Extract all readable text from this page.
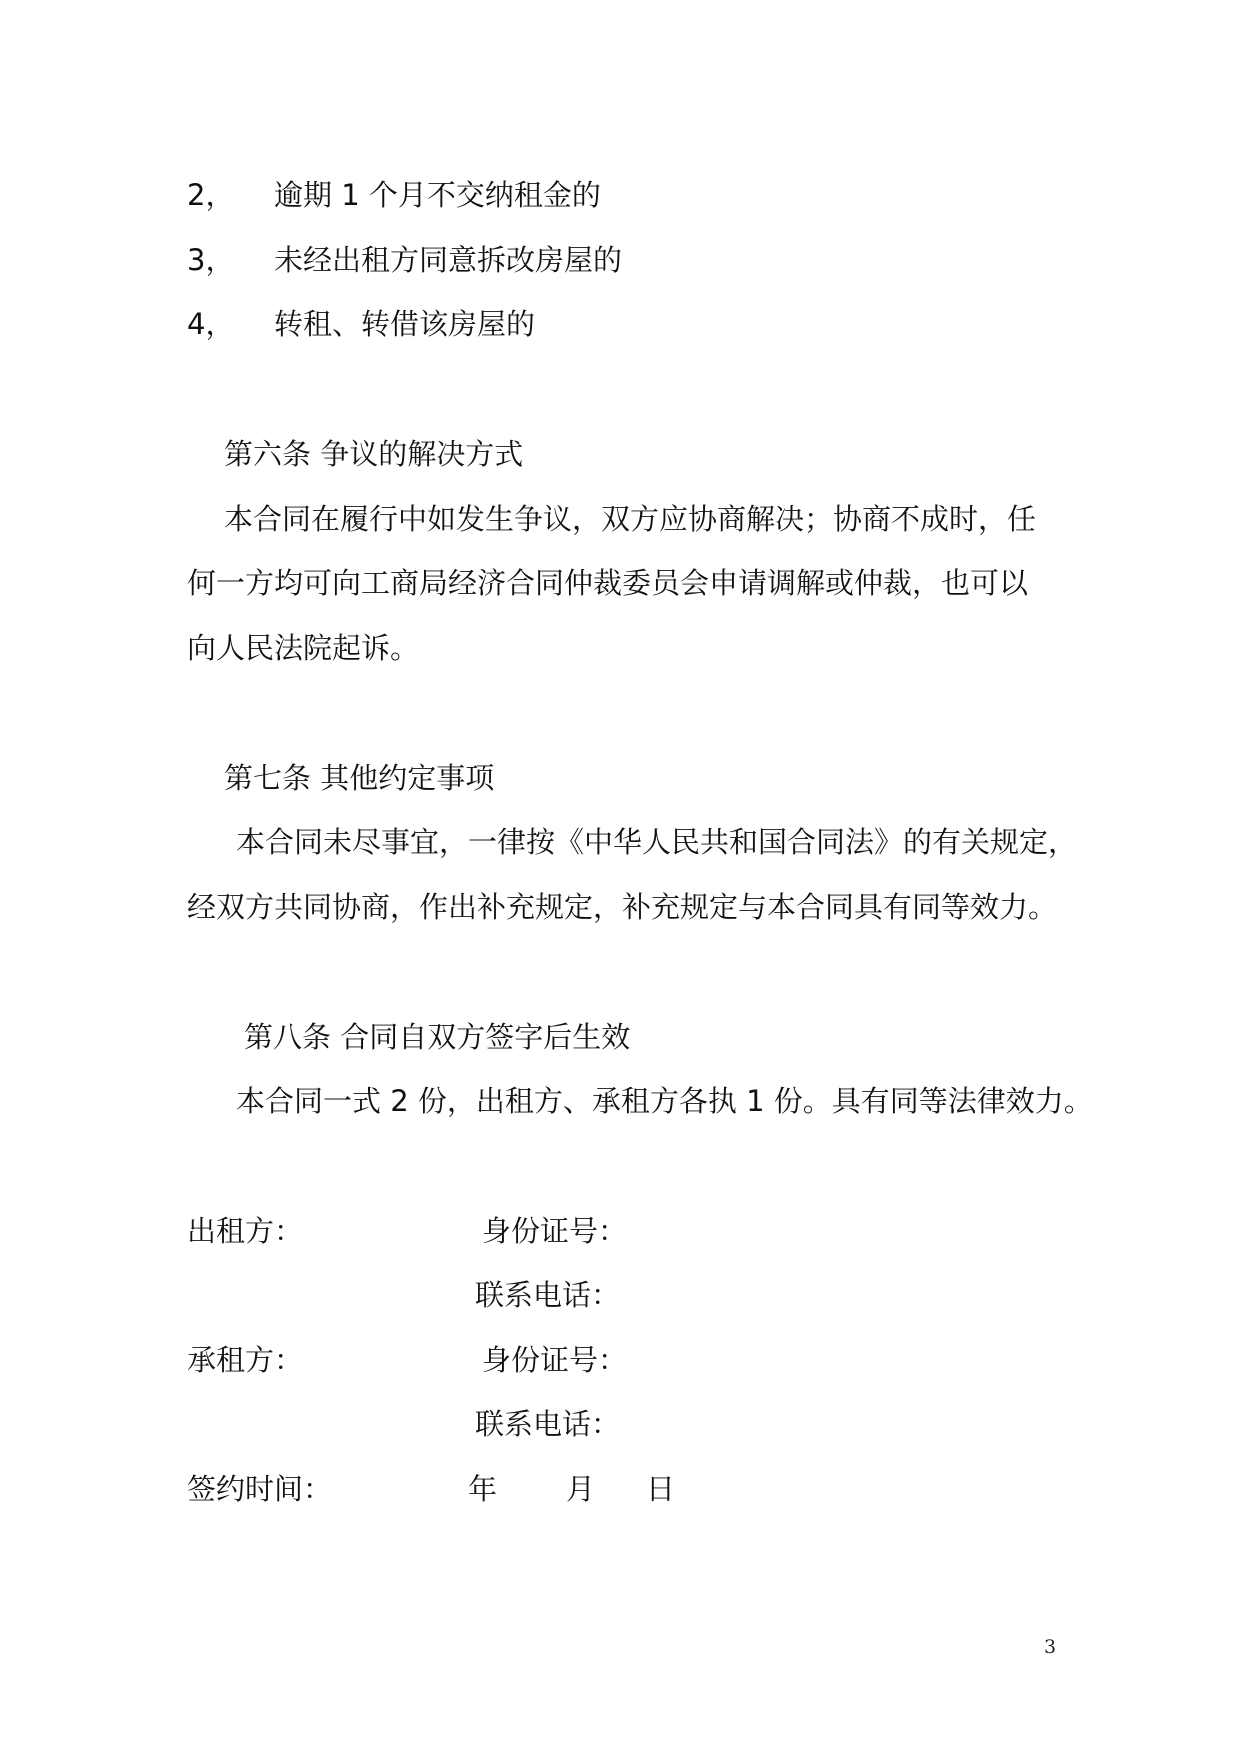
2， 逾期 1 个月不交纳租金的
3， 未经出租方同意拆改房屋的
4， 转租、转借该房屋的
第六条 争议的解决方式
本合同在履行中如发生争议，双方应协商解决；协商不成时，任
何一方均可向工商局经济合同仲裁委员会申请调解或仲裁，也可以
向人民法院起诉。
第七条 其他约定事项
本合同未尽事宜，一律按《中华人民共和国合同法》的有关规定，
经双方共同协商，作出补充规定，补充规定与本合同具有同等效力。
第八条 合同自双方签字后生效
本合同一式 2 份，出租方、承租方各执 1 份。具有同等法律效力。
出租方：	身份证号：
联系电话：
承租方：	身份证号：
联系电话：
签约时间：	年 月 日
3
